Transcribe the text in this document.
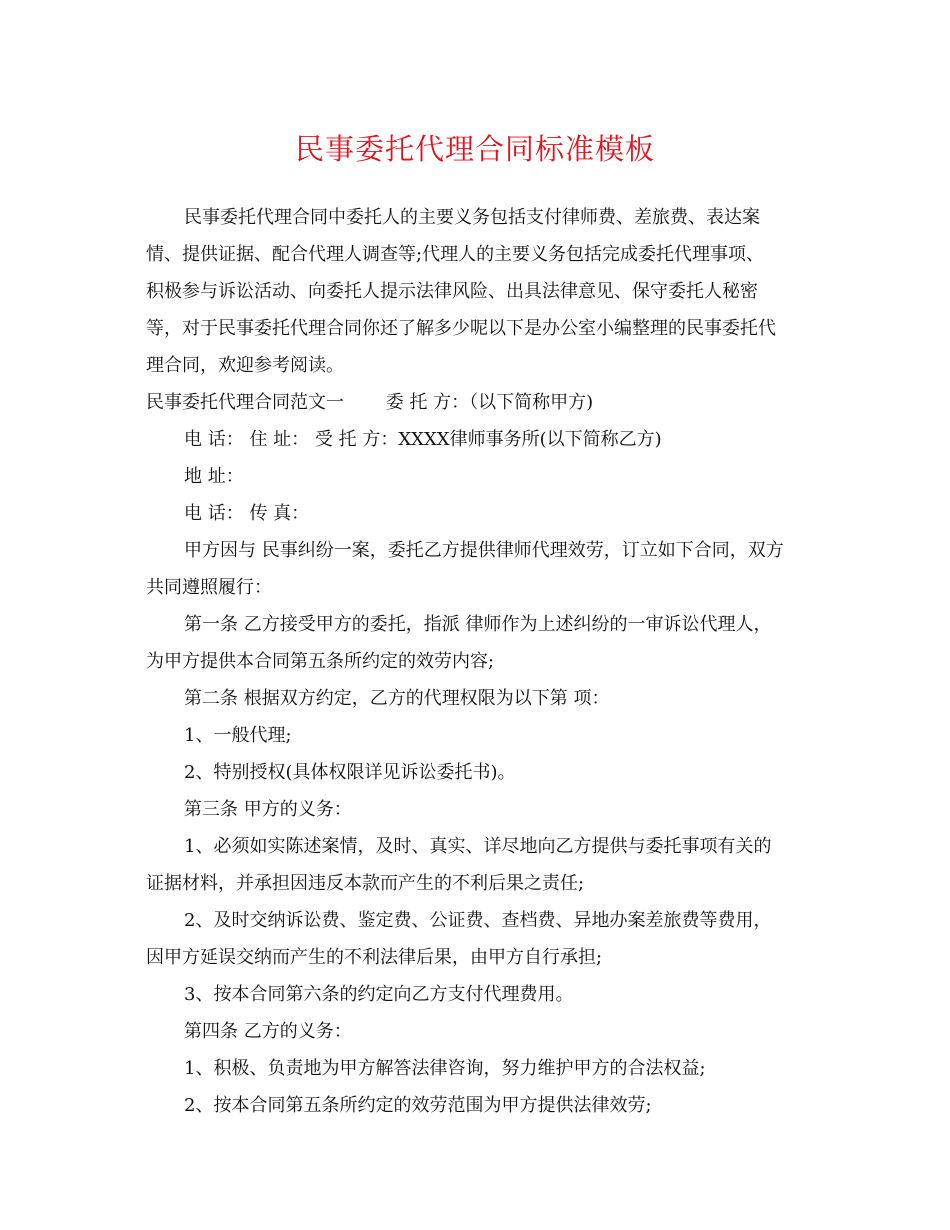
民事委托代理合同标准模板
民事委托代理合同中委托人的主要义务包括支付律师费、差旅费、表达案
情、提供证据、配合代理人调查等;代理人的主要义务包括完成委托代理事项、
积极参与诉讼活动、向委托人提示法律风险、出具法律意见、保守委托人秘密
等，对于民事委托代理合同你还了解多少呢以下是办公室小编整理的民事委托代
理合同，欢迎参考阅读。
民事委托代理合同范文一　　 委 托 方：（以下简称甲方)
电 话： 住 址： 受 托 方：XXXX律师事务所(以下简称乙方)
地 址：
电 话： 传 真：
甲方因与 民事纠纷一案，委托乙方提供律师代理效劳，订立如下合同，双方
共同遵照履行：
第一条 乙方接受甲方的委托，指派 律师作为上述纠纷的一审诉讼代理人，
为甲方提供本合同第五条所约定的效劳内容;
第二条 根据双方约定，乙方的代理权限为以下第 项：
1、一般代理;
2、特别授权(具体权限详见诉讼委托书)。
第三条 甲方的义务：
1、必须如实陈述案情，及时、真实、详尽地向乙方提供与委托事项有关的
证据材料，并承担因违反本款而产生的不利后果之责任;
2、及时交纳诉讼费、鉴定费、公证费、查档费、异地办案差旅费等费用，
因甲方延误交纳而产生的不利法律后果，由甲方自行承担;
3、按本合同第六条的约定向乙方支付代理费用。
第四条 乙方的义务：
1、积极、负责地为甲方解答法律咨询，努力维护甲方的合法权益;
2、按本合同第五条所约定的效劳范围为甲方提供法律效劳;
